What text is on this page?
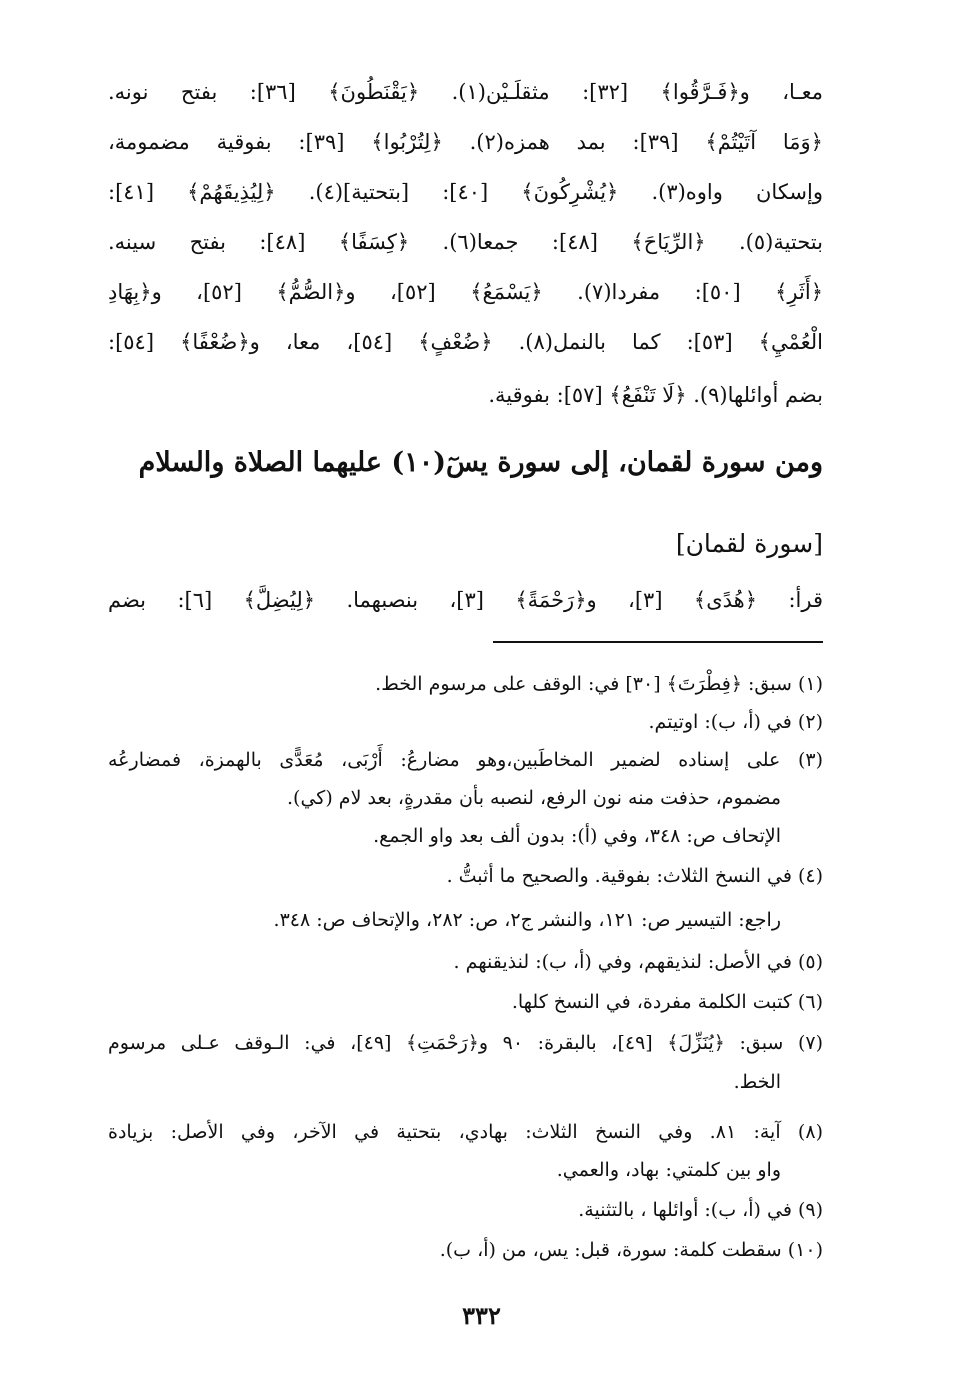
معـا، و﴿فَـرَّقُوا﴾ [٣٢]: مثقلَـيْن(١). ﴿يَقْنَطُونَ﴾ [٣٦]: بفتح نونه.
﴿وَمَا آتَيْتُمْ﴾ [٣٩]: بمد همزه(٢). ﴿لِتُرْبُوا﴾ [٣٩]: بفوقية مضمومة،
وإسكان واوه(٣). ﴿يُشْرِكُونَ﴾ [٤٠]: [بتحتية](٤). ﴿لِيُذِيقَهُمْ﴾ [٤١]:
بتحتية(٥). ﴿الرِّيَاحَ﴾ [٤٨]: جمعا(٦). ﴿كِسَفًا﴾ [٤٨]: بفتح سينه.
﴿أَثَرِ﴾ [٥٠]: مفردا(٧). ﴿يَسْمَعُ﴾ [٥٢]، و﴿الصُّمُّ﴾ [٥٢]، و﴿بِهَادِ
الْعُمْيِ﴾ [٥٣]: كما بالنمل(٨). ﴿ضُعْفٍ﴾ [٥٤]، معا، و﴿ضُعْفًا﴾ [٥٤]:
بضم أوائلها(٩). ﴿لَا تَنْفَعُ﴾ [٥٧]: بفوقية.
ومن سورة لقمان، إلى سورة يسٓ(١٠) عليهما الصلاة والسلام
[سورة لقمان]
قرأ: ﴿هُدًى﴾ [٣]، و﴿رَحْمَةً﴾ [٣]، بنصبهما. ﴿لِيُضِلَّ﴾ [٦]: بضم
(١) سبق: ﴿فِطْرَتَ﴾ [٣٠] في: الوقف على مرسوم الخط.
(٢) في (أ، ب): اوتيتم.
(٣) على إسناده لضمير المخاطَبين،وهو مضارعُ: أَرْبَى، مُعَدًّى بالهمزة، فمضارعُه
مضموم، حذفت منه نون الرفع، لنصبه بأن مقدرةٍ، بعد لام (كي).
الإتحاف ص: ٣٤٨، وفي (أ): بدون ألف بعد واو الجمع.
(٤) في النسخ الثلاث: بفوقية. والصحيح ما أثبتُّ .
راجع: التيسير ص: ١٢١، والنشر ج٢، ص: ٢٨٢، والإتحاف ص: ٣٤٨.
(٥) في الأصل: لنذيقهم، وفي (أ، ب): لنذيقنهم .
(٦) كتبت الكلمة مفردة، في النسخ كلها.
(٧) سبق: ﴿يُنَزِّلَ﴾ [٤٩]، بالبقرة: ٩٠ و﴿رَحْمَتِ﴾ [٤٩]، في: الـوقف عـلى مرسوم
الخط.
(٨) آية: ٨١. وفي النسخ الثلاث: بهادي، بتحتية في الآخر، وفي الأصل: بزيادة
واو بين كلمتي: بهاد، والعمي.
(٩) في (أ، ب): أوائلها ، بالتثنية.
(١٠) سقطت كلمة: سورة، قبل: يس، من (أ، ب).
٣٣٢
